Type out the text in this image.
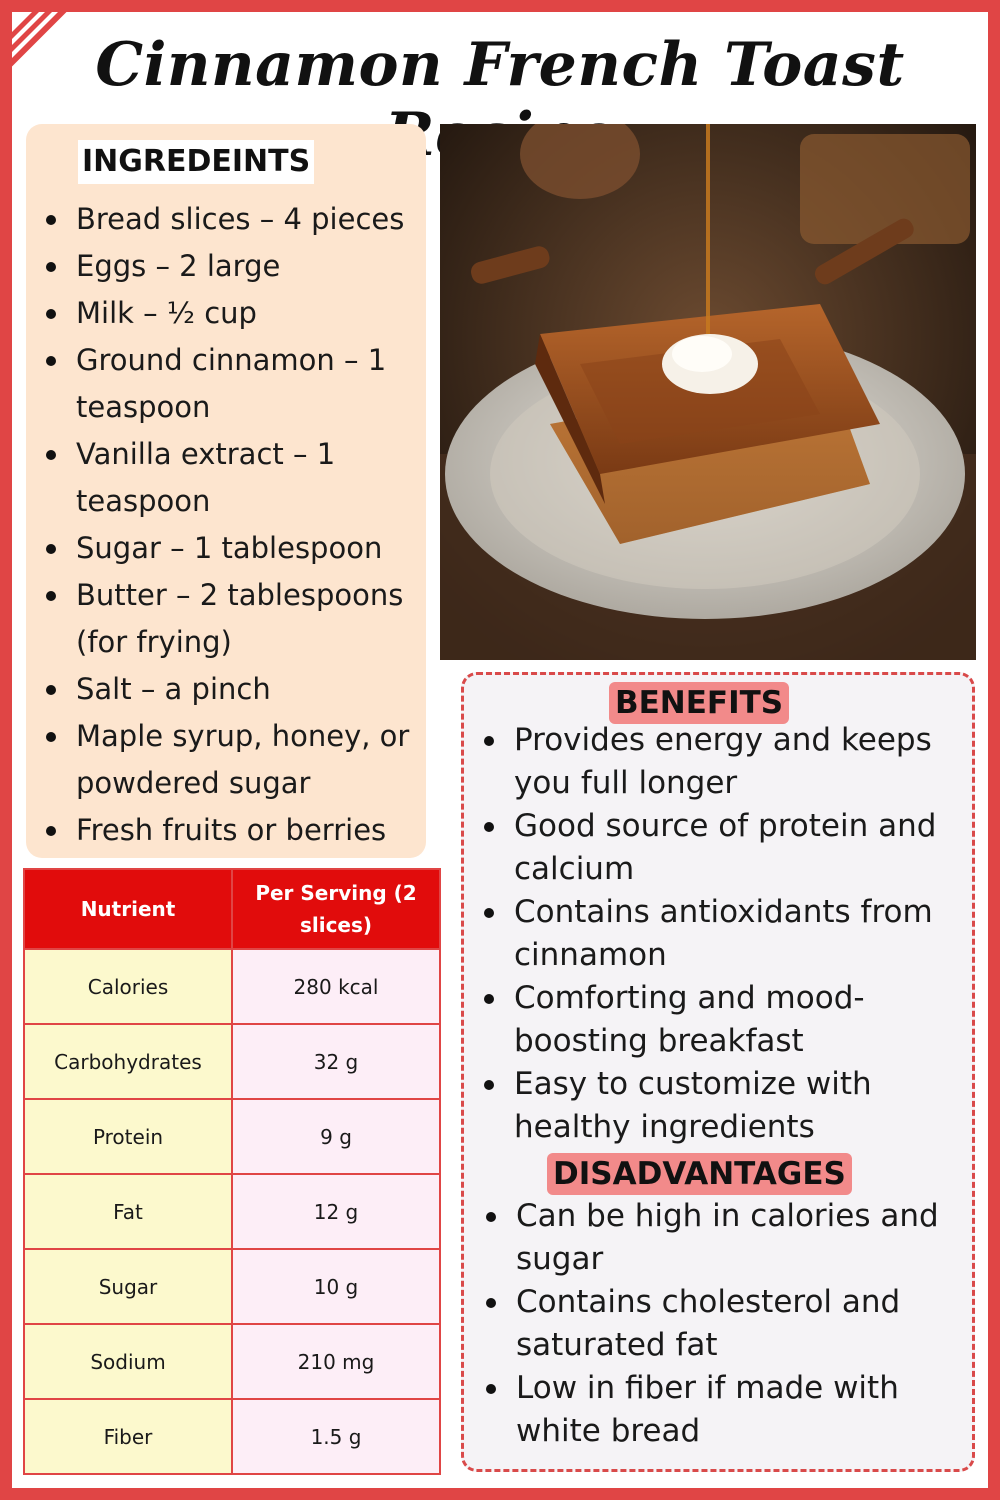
Cinnamon French Toast
INGREDEINTS
Bread slices – 4 pieces
Eggs – 2 large
Milk – ½ cup
Ground cinnamon – 1 teaspoon
Vanilla extract – 1 teaspoon
Sugar – 1 tablespoon
Butter – 2 tablespoons (for frying)
Salt – a pinch
Maple syrup, honey, or powdered sugar
Fresh fruits or berries
Nutrient	Per Serving (2 slices)
Calories	280 kcal
Carbohydrates	32 g
Protein	9 g
Fat	12 g
Sugar	10 g
Sodium	210 mg
Fiber	1.5 g
BENEFITS
Provides energy and keeps you full longer
Good source of protein and calcium
Contains antioxidants from cinnamon
Comforting and mood-boosting breakfast
Easy to customize with healthy ingredients
DISADVANTAGES
Can be high in calories and sugar
Contains cholesterol and saturated fat
Low in fiber if made with white bread
